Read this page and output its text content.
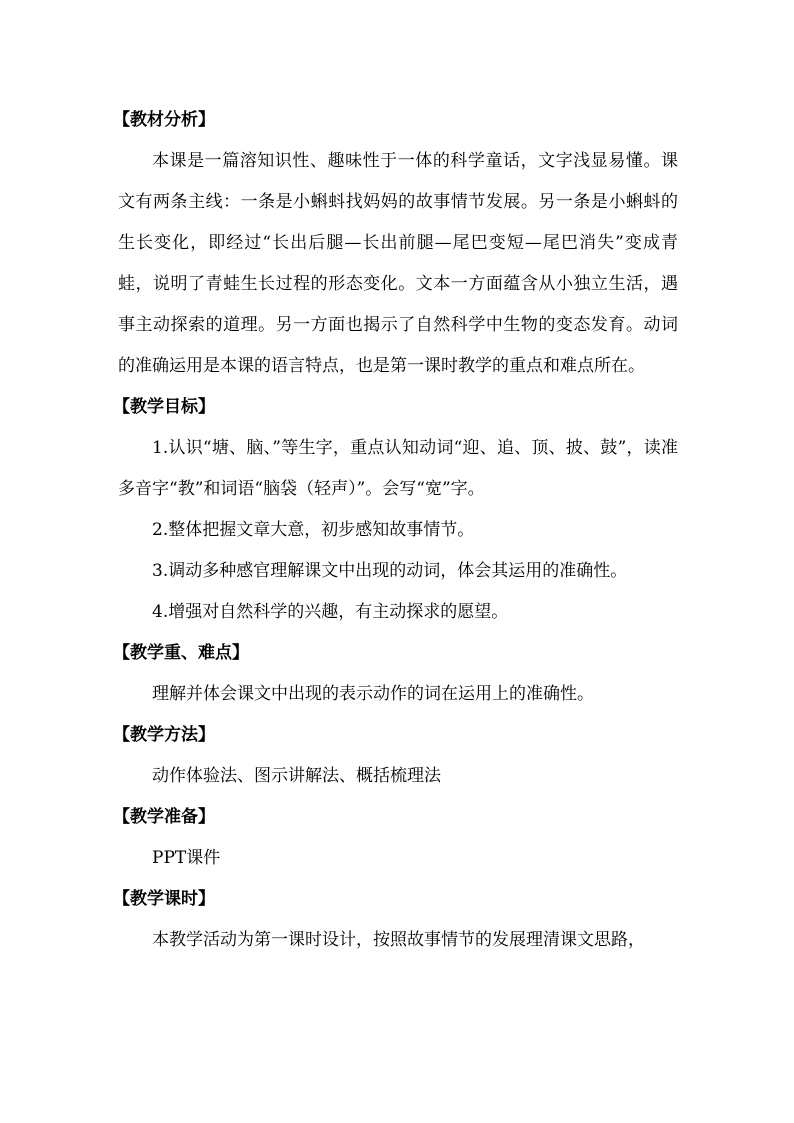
【教材分析】

本课是一篇溶知识性、趣味性于一体的科学童话，文字浅显易懂。课文有两条主线：一条是小蝌蚪找妈妈的故事情节发展。另一条是小蝌蚪的生长变化，即经过“长出后腿—长出前腿—尾巴变短—尾巴消失”变成青蛙，说明了青蛙生长过程的形态变化。文本一方面蕴含从小独立生活，遇事主动探索的道理。另一方面也揭示了自然科学中生物的变态发育。动词的准确运用是本课的语言特点，也是第一课时教学的重点和难点所在。

【教学目标】

1.认识“塘、脑、”等生字，重点认知动词“迎、追、顶、披、鼓”，读准多音字“教”和词语“脑袋（轻声）”。会写“宽”字。

2.整体把握文章大意，初步感知故事情节。
3.调动多种感官理解课文中出现的动词，体会其运用的准确性。
4.增强对自然科学的兴趣，有主动探求的愿望。
【教学重、难点】
理解并体会课文中出现的表示动作的词在运用上的准确性。
【教学方法】
动作体验法、图示讲解法、概括梳理法
【教学准备】
PPT课件
【教学课时】

本教学活动为第一课时设计，按照故事情节的发展理清课文思路，
